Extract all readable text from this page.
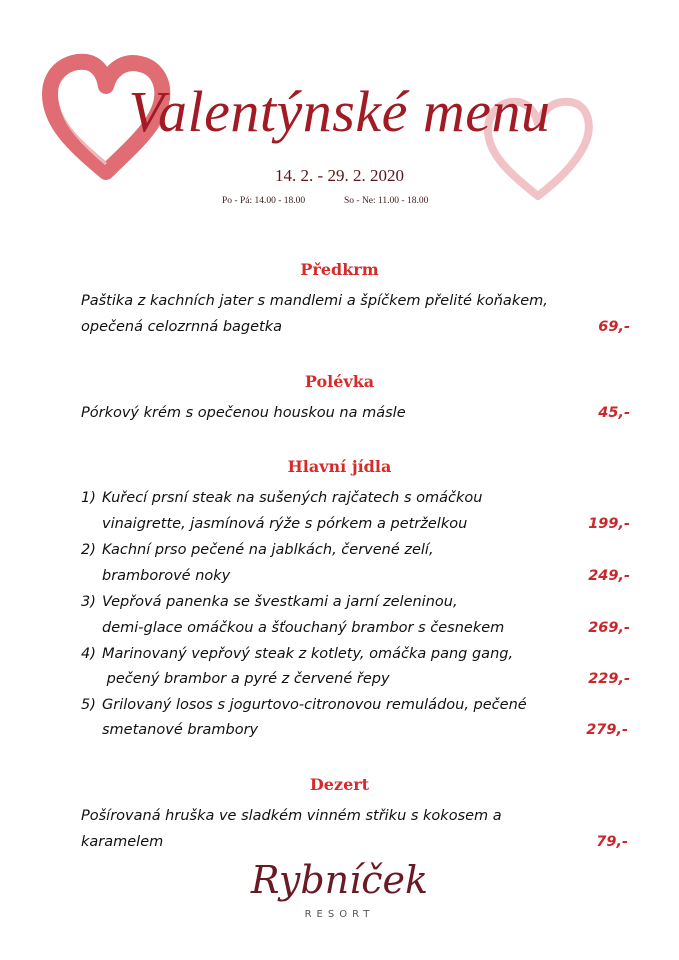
Valentýnské menu
14. 2. - 29. 2. 2020
Po - Pá: 14.00 - 18.00	So - Ne: 11.00 - 18.00
Předkrm
Paštika z kachních jater s mandlemi a špíčkem přelité koňakem,
opečená celozrnná bagetka	69,-
Polévka
Pórkový krém s opečenou houskou na másle	45,-
Hlavní jídla
1) Kuřecí prsní steak na sušených rajčatech s omáčkou
vinaigrette, jasmínová rýže s pórkem a petrželkou	199,-
2) Kachní prso pečené na jablkách, červené zelí,
bramborové noky	249,-
3) Vepřová panenka se švestkami a jarní zeleninou,
demi-glace omáčkou a šťouchaný brambor s česnekem	269,-
4) Marinovaný vepřový steak z kotlety, omáčka pang gang,
pečený brambor a pyré z červené řepy	229,-
5) Grilovaný losos s jogurtovo-citronovou remuládou, pečené
smetanové brambory	279,-
Dezert
Pošírovaná hruška ve sladkém vinném střiku s kokosem a
karamelem	79,-
Rybníček
RESORT
